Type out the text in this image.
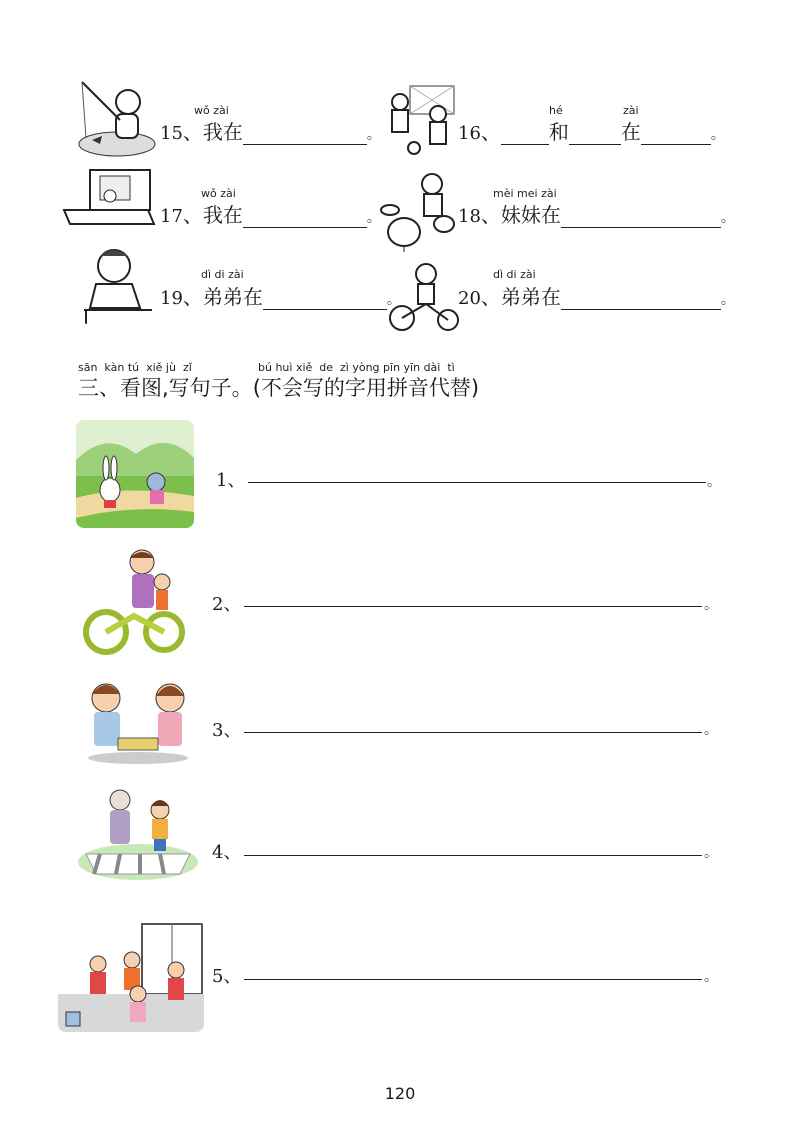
wǒ zài	hé	zài
wǒ zài	mèi mei zài
dì di zài	dì di zài
15、我在	。	16、 和	在	。
17、我在	。	18、妹妹在	。
19、弟弟在	。	20、弟弟在	。
sān  kàn tú  xiě jù  zǐ	bú huì xiě  de  zì yòng pīn yīn dài  tì
三、看图,写句子。(不会写的字用拼音代替)
1、	。
2、	。
3、	。
4、	。
5、	。
120
